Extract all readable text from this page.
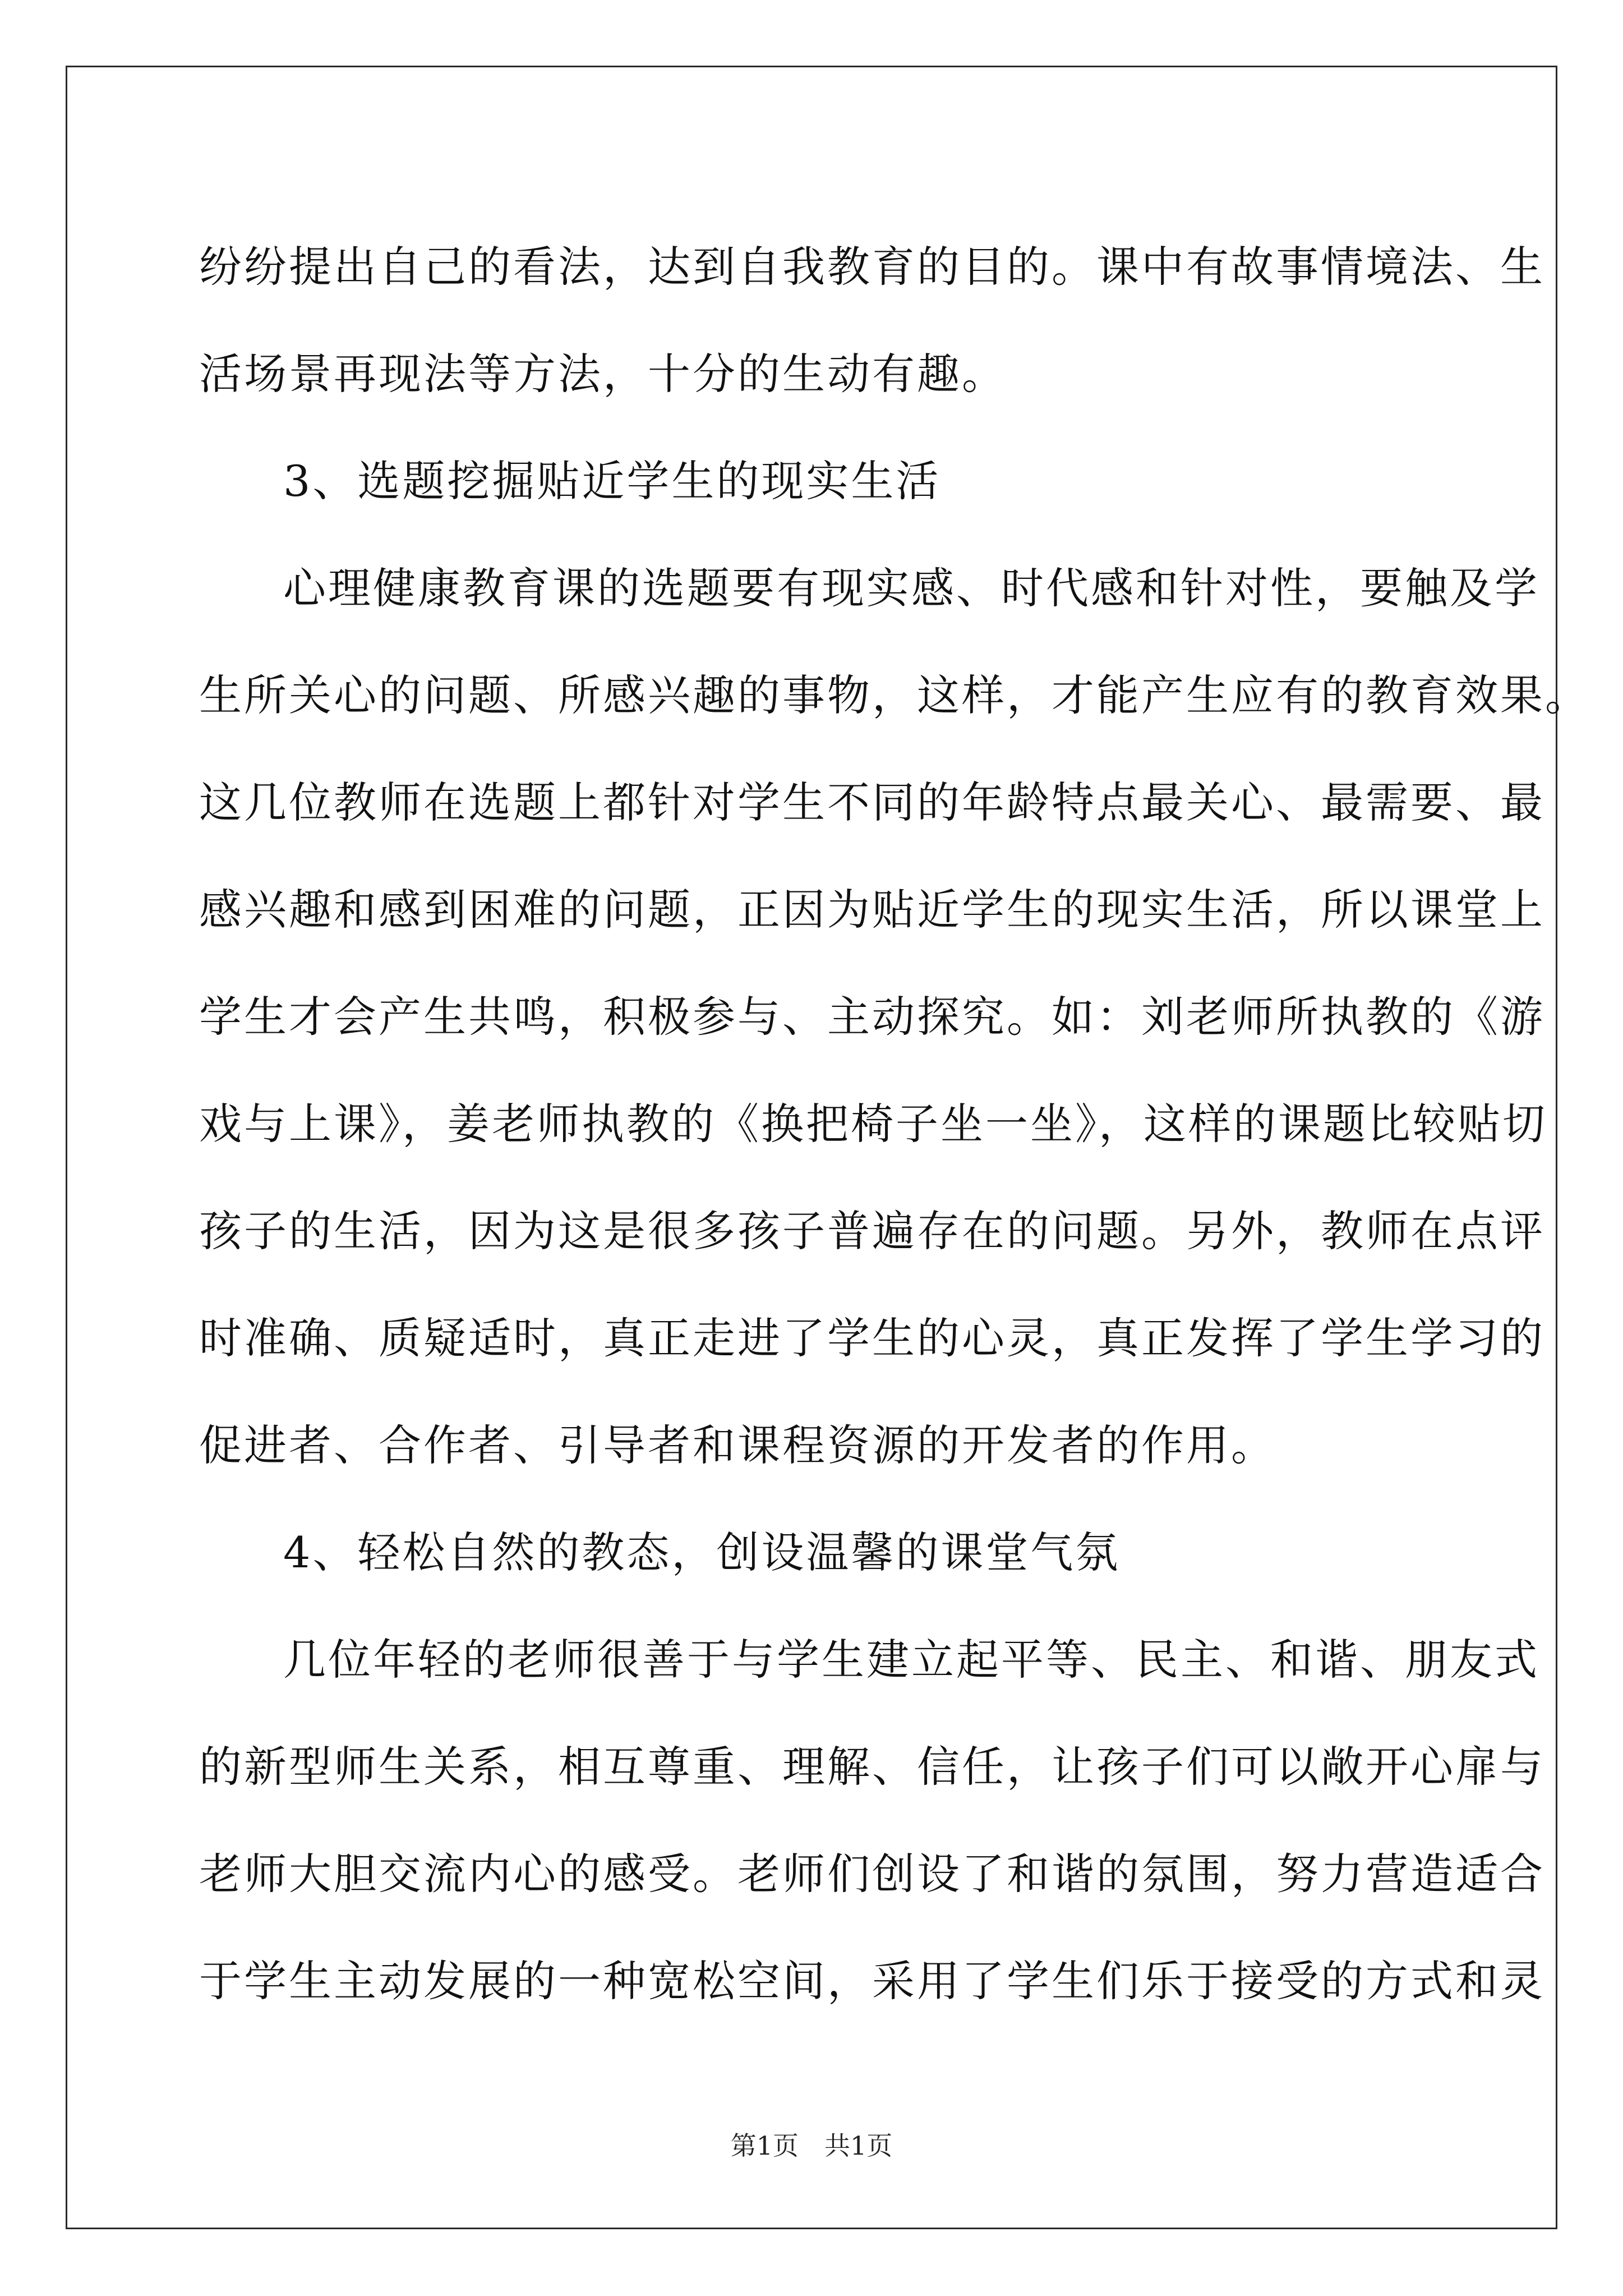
纷纷提出自己的看法，达到自我教育的目的。课中有故事情境法、生
活场景再现法等方法，十分的生动有趣。
3、选题挖掘贴近学生的现实生活
心理健康教育课的选题要有现实感、时代感和针对性，要触及学
生所关心的问题、所感兴趣的事物，这样，才能产生应有的教育效果。
这几位教师在选题上都针对学生不同的年龄特点最关心、最需要、最
感兴趣和感到困难的问题，正因为贴近学生的现实生活，所以课堂上
学生才会产生共鸣，积极参与、主动探究。如：刘老师所执教的《游
戏与上课》，姜老师执教的《换把椅子坐一坐》，这样的课题比较贴切
孩子的生活，因为这是很多孩子普遍存在的问题。另外，教师在点评
时准确、质疑适时，真正走进了学生的心灵，真正发挥了学生学习的
促进者、合作者、引导者和课程资源的开发者的作用。
4、轻松自然的教态，创设温馨的课堂气氛
几位年轻的老师很善于与学生建立起平等、民主、和谐、朋友式
的新型师生关系，相互尊重、理解、信任，让孩子们可以敞开心扉与
老师大胆交流内心的感受。老师们创设了和谐的氛围，努力营造适合
于学生主动发展的一种宽松空间，采用了学生们乐于接受的方式和灵
第1页 共1页
